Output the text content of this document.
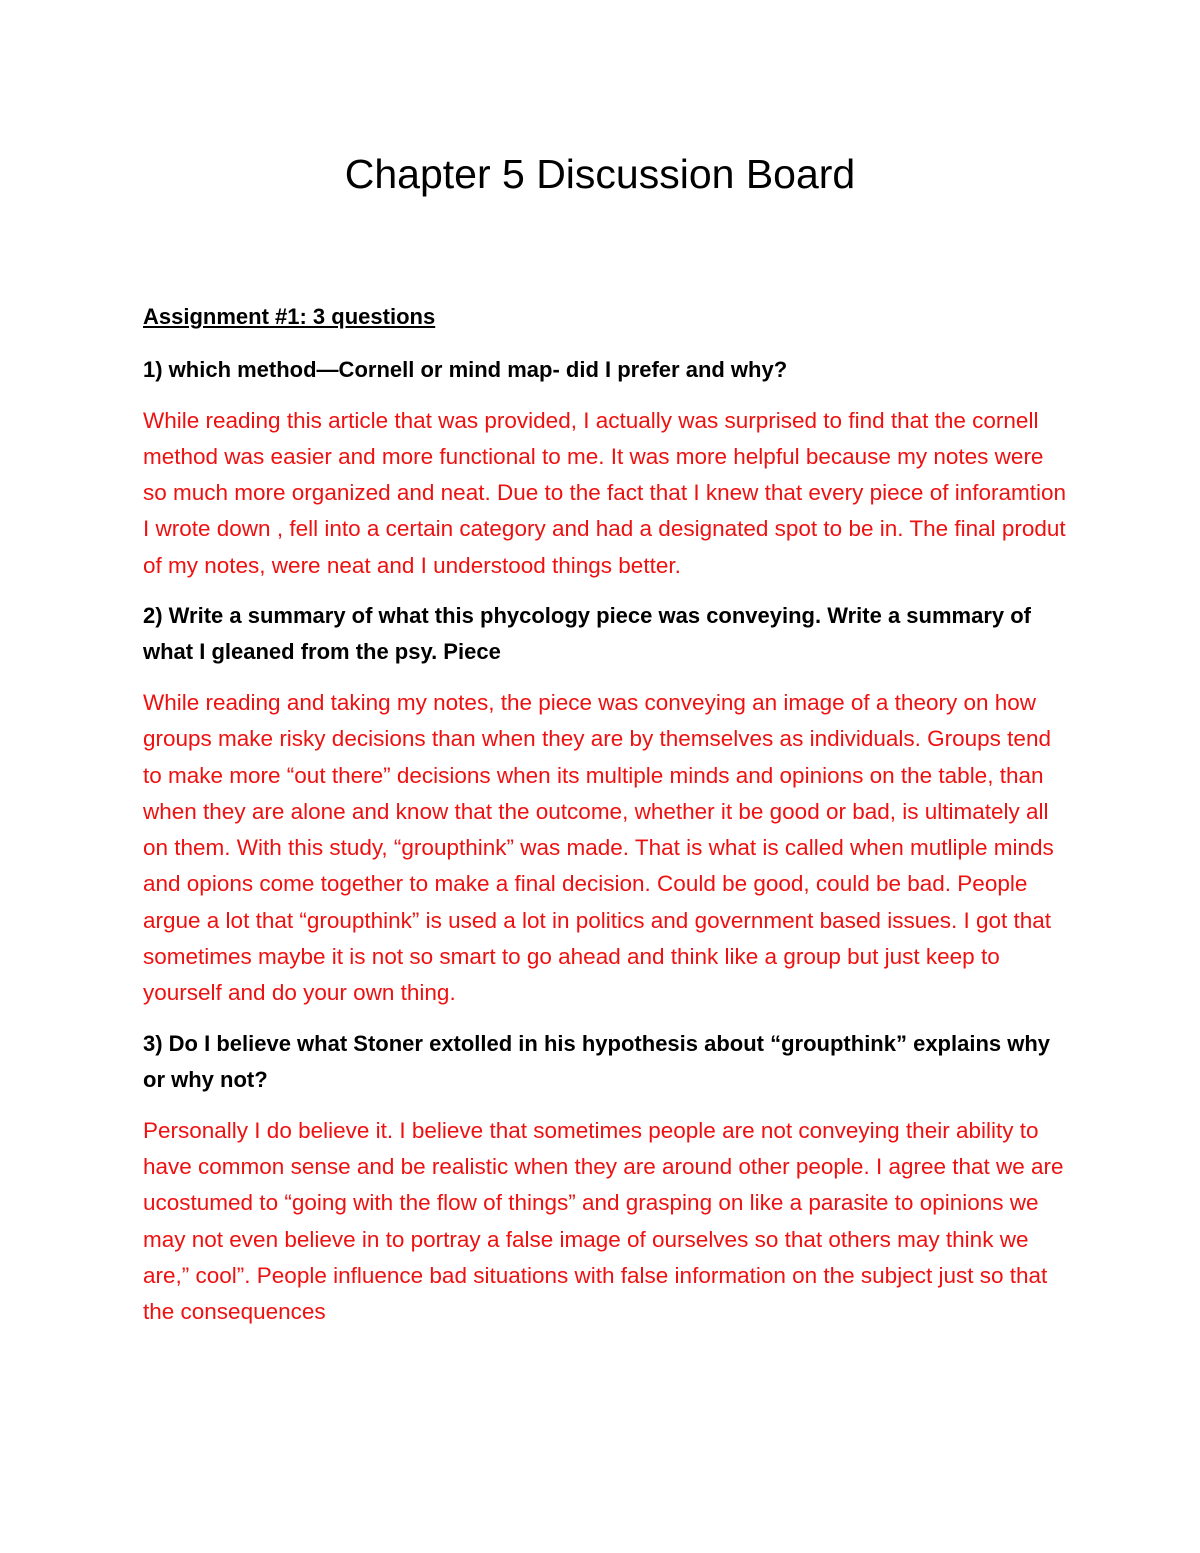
Chapter 5 Discussion Board
Assignment #1: 3 questions
1) which method—Cornell or mind map- did I prefer and why?
While reading this article that was provided, I actually was surprised to find that the cornell method was easier and more functional to me. It was more helpful because my notes were so much more organized and neat. Due to the fact that I knew that every piece of inforamtion I wrote down , fell into a certain category and had a designated spot to be in. The final produt of my notes, were neat and I understood things better.
2) Write a summary of what this phycology piece was conveying. Write a summary of what I gleaned from the psy. Piece
While reading and taking my notes, the piece was conveying an image of a theory on how groups make risky decisions than when they are by themselves as individuals. Groups tend to make more “out there” decisions when its multiple minds and opinions on the table, than when they are alone and know that the outcome, whether it be good or bad, is ultimately all on them. With this study, “groupthink” was made. That is what is called when mutliple minds and opions come together to make a final decision. Could be good, could be bad. People argue a lot that “groupthink” is used a lot in politics and government based issues. I got that sometimes maybe it is not so smart to go ahead and think like a group but just keep to yourself and do your own thing.
3) Do I believe what Stoner extolled in his hypothesis about “groupthink” explains why or why not?
Personally I do believe it. I believe that sometimes people are not conveying their ability to have common sense and be realistic when they are around other people. I agree that we are ucostumed to “going with the flow of things” and grasping on like a parasite to opinions we may not even believe in to portray a false image of ourselves so that others may think we are,” cool”. People influence bad situations with false information on the subject just so that the consequences
